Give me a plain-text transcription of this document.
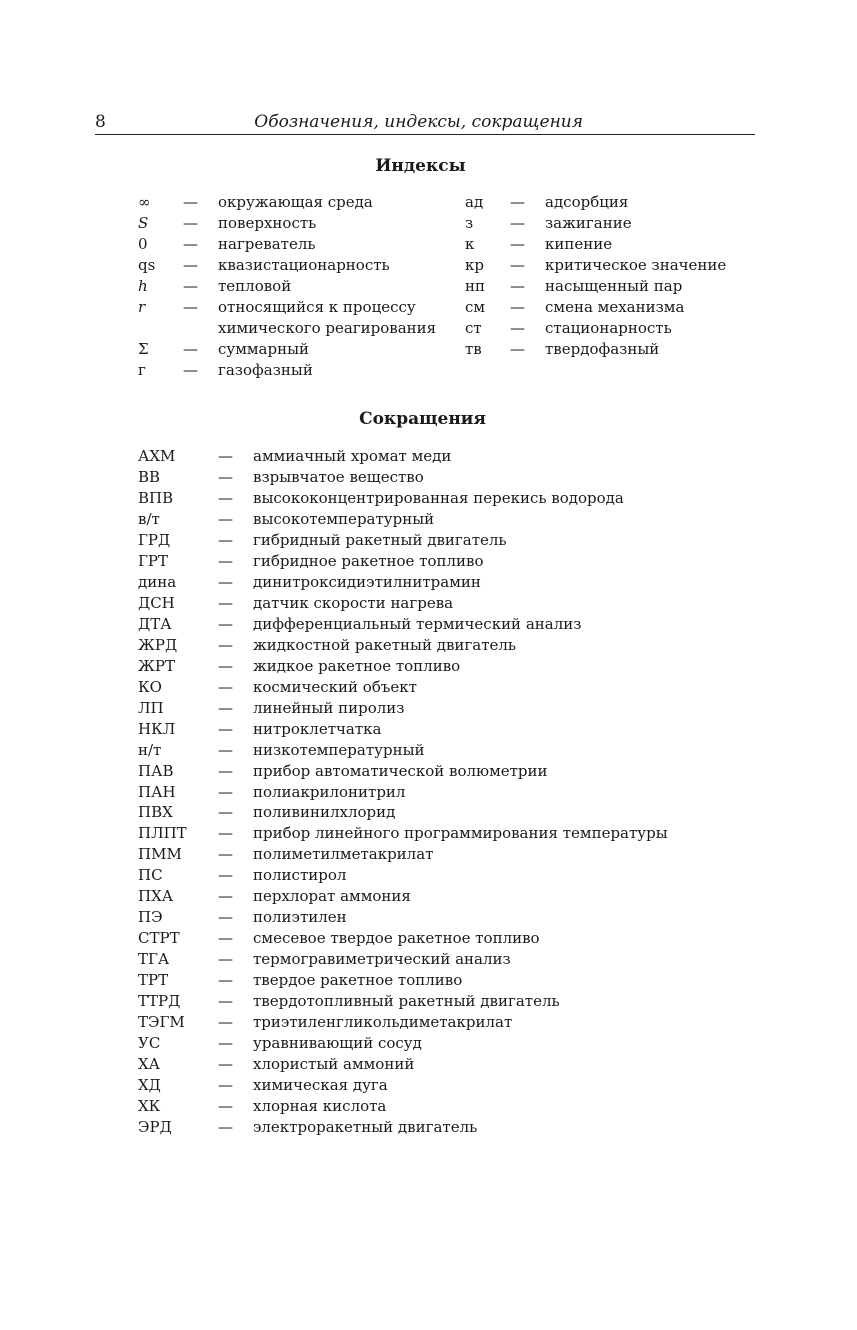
8	Обозначения, индексы, сокращения
Индексы
∞ — окружающая среда
S — поверхность
0 — нагреватель
qs — квазистационарность
h — тепловой
r	— относящийся к процессу
химического реагирования
Σ — суммарный
г — газофазный
ад — адсорбция
з — зажигание
к — кипение
кр — критическое значение
нп — насыщенный пар
см — смена механизма
ст — стационарность
тв — твердофазный
Сокращения
АХМ	— аммиачный хромат меди
ВВ	— взрывчатое вещество
ВПВ	— высококонцентрированная перекись водорода
в/т	— высокотемпературный
ГРД	— гибридный ракетный двигатель
ГРТ	— гибридное ракетное топливо
дина	— динитроксидиэтилнитрамин
ДСН	— датчик скорости нагрева
ДТА	— дифференциальный термический анализ
ЖРД	— жидкостной ракетный двигатель
ЖРТ	— жидкое ракетное топливо
КО	— космический объект
ЛП	— линейный пиролиз
НКЛ	— нитроклетчатка
н/т	— низкотемпературный
ПАВ	— прибор автоматической волюметрии
ПАН	— полиакрилонитрил
ПВХ	— поливинилхлорид
ПЛПТ — прибор линейного программирования температуры
ПММ — полиметилметакрилат
ПС	— полистирол
ПХА	— перхлорат аммония
ПЭ	— полиэтилен
СТРТ	— смесевое твердое ракетное топливо
ТГА	— термогравиметрический анализ
ТРТ	— твердое ракетное топливо
ТТРД	— твердотопливный ракетный двигатель
ТЭГМ — триэтиленгликольдиметакрилат
УС	— уравнивающий сосуд
ХА	— хлористый аммоний
ХД	— химическая дуга
ХК	— хлорная кислота
ЭРД	— электроракетный двигатель
